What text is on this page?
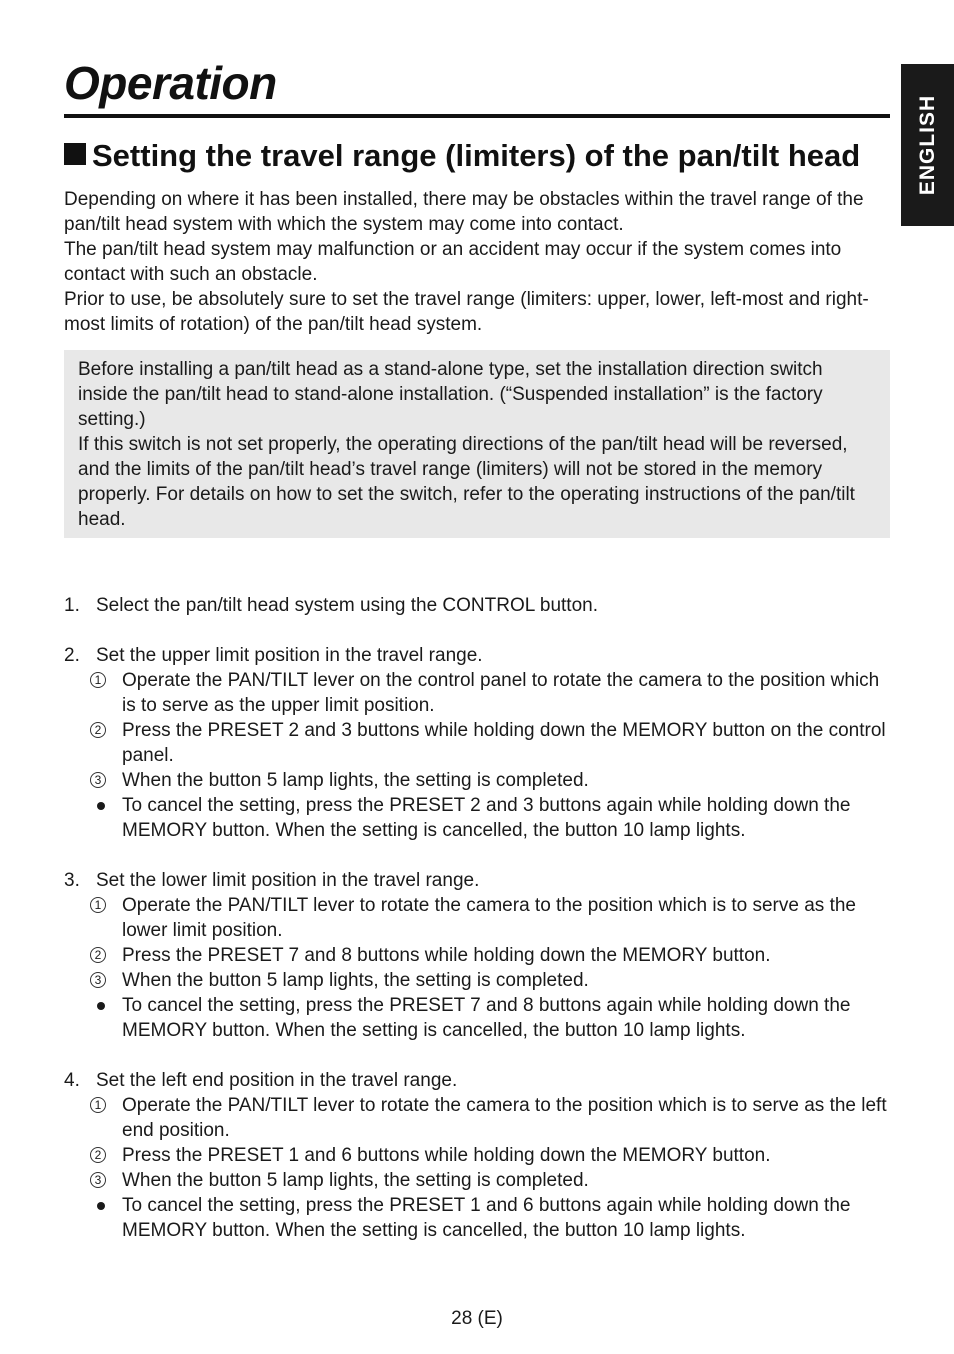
Operation
ENGLISH
Setting the travel range (limiters) of the pan/tilt head

Depending on where it has been installed, there may be obstacles within the travel range of the pan/tilt head system with which the system may come into contact.

The pan/tilt head system may malfunction or an accident may occur if the system comes into contact with such an obstacle.

Prior to use, be absolutely sure to set the travel range (limiters: upper, lower, left-most and right-most limits of rotation) of the pan/tilt head system.

Before installing a pan/tilt head as a stand-alone type, set the installation direction switch inside the pan/tilt head to stand-alone installation. (“Suspended installation” is the factory setting.)

If this switch is not set properly, the operating directions of the pan/tilt head will be reversed, and the limits of the pan/tilt head’s travel range (limiters) will not be stored in the memory properly. For details on how to set the switch, refer to the operating instructions of the pan/tilt head.

1. Select the pan/tilt head system using the CONTROL button.
2. Set the upper limit position in the travel range.
1 Operate the PAN/TILT lever on the control panel to rotate the camera to the position which is to serve as the upper limit position.
2 Press the PRESET 2 and 3 buttons while holding down the MEMORY button on the control panel.
3 When the button 5 lamp lights, the setting is completed.
To cancel the setting, press the PRESET 2 and 3 buttons again while holding down the MEMORY button. When the setting is cancelled, the button 10 lamp lights.
3. Set the lower limit position in the travel range.
1 Operate the PAN/TILT lever to rotate the camera to the position which is to serve as the lower limit position.
2 Press the PRESET 7 and 8 buttons while holding down the MEMORY button.
3 When the button 5 lamp lights, the setting is completed.
To cancel the setting, press the PRESET 7 and 8 buttons again while holding down the MEMORY button. When the setting is cancelled, the button 10 lamp lights.
4. Set the left end position in the travel range.
1 Operate the PAN/TILT lever to rotate the camera to the position which is to serve as the left end position.
2 Press the PRESET 1 and 6 buttons while holding down the MEMORY button.
3 When the button 5 lamp lights, the setting is completed.
To cancel the setting, press the PRESET 1 and 6 buttons again while holding down the MEMORY button. When the setting is cancelled, the button 10 lamp lights.
28 (E)
